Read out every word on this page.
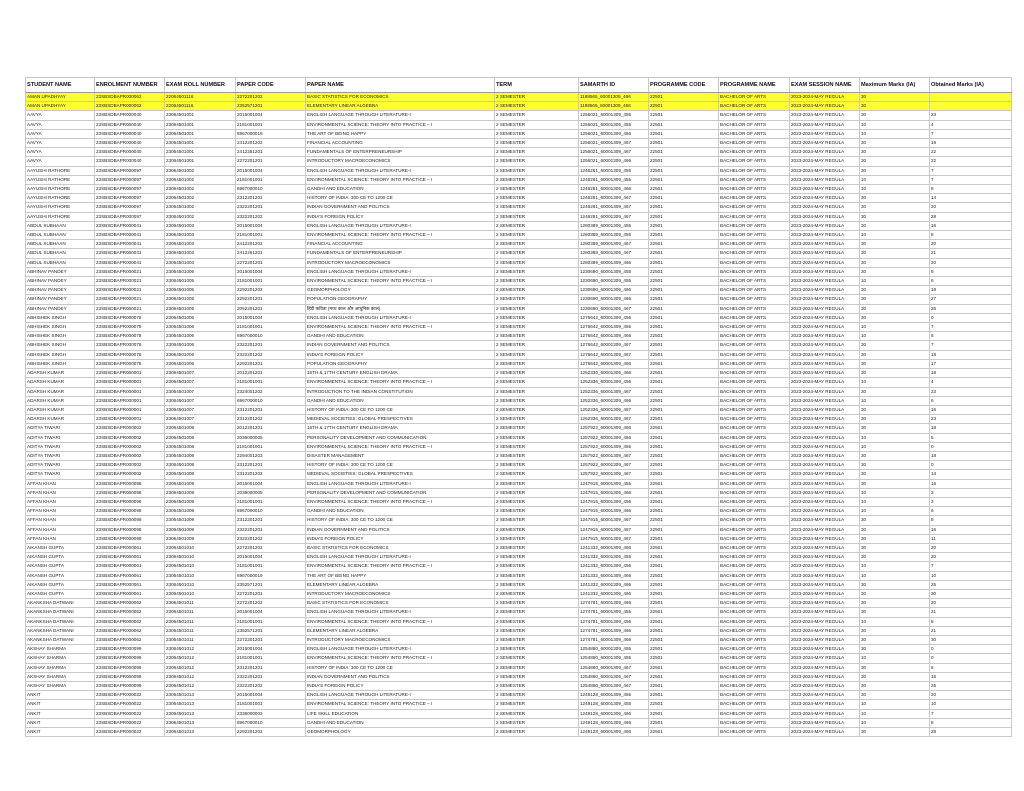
STUDENT NAME	ENROLMENT NUMBER	EXAM ROLL NUMBER	PAPER CODE	PAPER NAME	TERM	SAMARTH ID	PROGRAMME CODE	PROGRAMME NAME	EXAM SESSION NAME	Maximum Marks (IA)	Obtained Marks (IA)
AMAN UPADHYAY	23SBSDBAPR000062	22064501116	2272201202	BASIC STATISTICS FOR ECONOMICS	2 SEMESTER	1188565_60001309_466	22501	BACHELOR OF ARTS	2023-2024-MAY REGULA	30	
AMAN UPADHYAY	23SBSDBAPR000062	22064501116	2352571201	ELEMENTARY LINEAR ALGEBRA	2 SEMESTER	1188565_60001309_466	22501	BACHELOR OF ARTS	2023-2024-MAY REGULA	30	
AAVYA	23SBSDBAPR000040	23064501001	2015001004	ENGLISH LANGUAGE THROUGH LITERATURE-I	2 SEMESTER	1256021_60001309_455	22501	BACHELOR OF ARTS	2023-2024-MAY REGULA	30	23
AAVYA	23SBSDBAPR000040	23064501001	2181001001	ENVIRONMENTAL SCIENCE: THEORY INTO PRACTICE – I	2 SEMESTER	1256021_60001309_455	22501	BACHELOR OF ARTS	2023-2024-MAY REGULA	10	4
AAVYA	23SBSDBAPR000040	23064501001	6967000019	THE ART OF BEING HAPPY	2 SEMESTER	1256021_60001309_466	22501	BACHELOR OF ARTS	2023-2024-MAY REGULA	10	7
AAVYA	23SBSDBAPR000040	23064501001	2412201202	FINANCIAL ACCOUNTING	2 SEMESTER	1256021_60001309_467	22501	BACHELOR OF ARTS	2023-2024-MAY REGULA	30	19
AAVYA	23SBSDBAPR000040	23064501001	2412251201	FUNDAMENTALS OF ENTERPRENEURSHIP	2 SEMESTER	1256021_60001309_467	22501	BACHELOR OF ARTS	2023-2024-MAY REGULA	30	22
AAVYA	23SBSDBAPR000040	23064501001	2272201201	INTRODUCTORY MACROECONOMICS	2 SEMESTER	1256021_60001309_466	22501	BACHELOR OF ARTS	2023-2024-MAY REGULA	30	22
AAYUSHI RATHORE	23SBSDBAPR000097	23064501002	2015001004	ENGLISH LANGUAGE THROUGH LITERATURE-I	2 SEMESTER	1246261_60001309_455	22501	BACHELOR OF ARTS	2023-2024-MAY REGULA	30	7
AAYUSHI RATHORE	23SBSDBAPR000097	23064501002	2181001001	ENVIRONMENTAL SCIENCE: THEORY INTO PRACTICE – I	2 SEMESTER	1246261_60001309_455	22501	BACHELOR OF ARTS	2023-2024-MAY REGULA	10	7
AAYUSHI RATHORE	23SBSDBAPR000097	23064501002	6967000010	GANDHI AND EDUCATION	2 SEMESTER	1246261_60001309_466	22501	BACHELOR OF ARTS	2023-2024-MAY REGULA	10	8
AAYUSHI RATHORE	23SBSDBAPR000097	23064501002	2312201201	HISTORY OF INDIA: 300 CE TO 1200 CE	2 SEMESTER	1246261_60001309_467	22501	BACHELOR OF ARTS	2023-2024-MAY REGULA	30	14
AAYUSHI RATHORE	23SBSDBAPR000097	23064501002	2322201201	INDIAN GOVERNMENT AND POLITICS	2 SEMESTER	1246261_60001309_467	22501	BACHELOR OF ARTS	2023-2024-MAY REGULA	30	20
AAYUSHI RATHORE	23SBSDBAPR000097	23064501002	2322201202	INDIA'S FOREIGN POLICY	2 SEMESTER	1246261_60001309_467	22501	BACHELOR OF ARTS	2023-2024-MAY REGULA	30	28
ABDUL SUBHAAN	23SBSDBAPR000041	23064501003	2015001004	ENGLISH LANGUAGE THROUGH LITERATURE-I	2 SEMESTER	1280389_60001309_455	22501	BACHELOR OF ARTS	2023-2024-MAY REGULA	30	16
ABDUL SUBHAAN	23SBSDBAPR000041	23064501003	2181001001	ENVIRONMENTAL SCIENCE: THEORY INTO PRACTICE – I	2 SEMESTER	1280389_60001309_455	22501	BACHELOR OF ARTS	2023-2024-MAY REGULA	10	8
ABDUL SUBHAAN	23SBSDBAPR000041	23064501003	2412201202	FINANCIAL ACCOUNTING	2 SEMESTER	1280389_60001309_467	22501	BACHELOR OF ARTS	2023-2024-MAY REGULA	30	20
ABDUL SUBHAAN	23SBSDBAPR000041	23064501003	2412251201	FUNDAMENTALS OF ENTERPRENEURSHIP	2 SEMESTER	1280389_60001309_467	22501	BACHELOR OF ARTS	2023-2024-MAY REGULA	30	21
ABDUL SUBHAAN	23SBSDBAPR000041	23064501003	2272201201	INTRODUCTORY MACROECONOMICS	2 SEMESTER	1280389_60001309_466	22501	BACHELOR OF ARTS	2023-2024-MAY REGULA	30	20
ABHINAV PANDEY	23SBSDBAPR000021	23064501005	2015001004	ENGLISH LANGUAGE THROUGH LITERATURE-I	2 SEMESTER	1230690_60001309_455	22501	BACHELOR OF ARTS	2023-2024-MAY REGULA	30	8
ABHINAV PANDEY	23SBSDBAPR000021	23064501005	2181001001	ENVIRONMENTAL SCIENCE: THEORY INTO PRACTICE – I	2 SEMESTER	1230690_60001309_455	22501	BACHELOR OF ARTS	2023-2024-MAY REGULA	10	6
ABHINAV PANDEY	23SBSDBAPR000021	23064501005	2292201202	GEOMORPHOLOGY	2 SEMESTER	1230690_60001309_466	22501	BACHELOR OF ARTS	2023-2024-MAY REGULA	30	18
ABHINAV PANDEY	23SBSDBAPR000021	23064501005	2292201201	POPULATION GEOGRAPHY	2 SEMESTER	1230690_60001309_466	22501	BACHELOR OF ARTS	2023-2024-MAY REGULA	30	27
ABHINAV PANDEY	23SBSDBAPR000021	23064501005	2052201201	हिंदी कविता (मध्य काल और आधुनिक काल)	2 SEMESTER	1230690_60001309_467	22501	BACHELOR OF ARTS	2023-2024-MAY REGULA	30	26
ABHISHEK SINGH	23SBSDBAPR000078	23064501006	2015001004	ENGLISH LANGUAGE THROUGH LITERATURE-I	2 SEMESTER	1276642_60001309_455	22501	BACHELOR OF ARTS	2023-2024-MAY REGULA	30	0
ABHISHEK SINGH	23SBSDBAPR000078	23064501006	2181001001	ENVIRONMENTAL SCIENCE: THEORY INTO PRACTICE – I	2 SEMESTER	1276642_60001309_455	22501	BACHELOR OF ARTS	2023-2024-MAY REGULA	10	7
ABHISHEK SINGH	23SBSDBAPR000078	23064501006	6967000010	GANDHI AND EDUCATION	2 SEMESTER	1276642_60001309_466	22501	BACHELOR OF ARTS	2023-2024-MAY REGULA	10	6
ABHISHEK SINGH	23SBSDBAPR000078	23064501006	2322201201	INDIAN GOVERNMENT AND POLITICS	2 SEMESTER	1276642_60001309_467	22501	BACHELOR OF ARTS	2023-2024-MAY REGULA	30	7
ABHISHEK SINGH	23SBSDBAPR000078	23064501006	2322201202	INDIA'S FOREIGN POLICY	2 SEMESTER	1276642_60001309_467	22501	BACHELOR OF ARTS	2023-2024-MAY REGULA	30	18
ABHISHEK SINGH	23SBSDBAPR000078	23064501006	2292201201	POPULATION GEOGRAPHY	2 SEMESTER	1276642_60001309_466	22501	BACHELOR OF ARTS	2023-2024-MAY REGULA	30	17
ADARSH KUMAR	23SBSDBAPR000001	23064501007	2012201201	16TH & 17TH CENTURY ENGLISH DRAMA	2 SEMESTER	1252336_60001309_466	22501	BACHELOR OF ARTS	2023-2024-MAY REGULA	30	18
ADARSH KUMAR	23SBSDBAPR000001	23064501007	2181001001	ENVIRONMENTAL SCIENCE: THEORY INTO PRACTICE – I	2 SEMESTER	1252336_60001309_455	22501	BACHELOR OF ARTS	2023-2024-MAY REGULA	10	4
ADARSH KUMAR	23SBSDBAPR000001	23064501007	2324001202	INTRODUCTION TO THE INDIAN CONSTITUTION	2 SEMESTER	1252336_60001309_467	22501	BACHELOR OF ARTS	2023-2024-MAY REGULA	30	23
ADARSH KUMAR	23SBSDBAPR000001	23064501007	6967000010	GANDHI AND EDUCATION	2 SEMESTER	1252336_60001309_466	22501	BACHELOR OF ARTS	2023-2024-MAY REGULA	10	6
ADARSH KUMAR	23SBSDBAPR000001	23064501007	2312201201	HISTORY OF INDIA: 300 CE TO 1200 CE	2 SEMESTER	1252336_60001309_467	22501	BACHELOR OF ARTS	2023-2024-MAY REGULA	30	16
ADARSH KUMAR	23SBSDBAPR000001	23064501007	2312201202	MEDIEVAL SOCIETIES: GLOBAL PRESPECTIVES	2 SEMESTER	1252336_60001309_467	22501	BACHELOR OF ARTS	2023-2024-MAY REGULA	30	23
ADITYA TIWARI	23SBSDBAPR000002	23064501008	2012201201	16TH & 17TH CENTURY ENGLISH DRAMA	2 SEMESTER	1257922_60001309_466	22501	BACHELOR OF ARTS	2023-2024-MAY REGULA	30	18
ADITYA TIWARI	23SBSDBAPR000002	23064501008	2036000005	PERSONALITY DEVELOPMENT AND COMMUNICATION	2 SEMESTER	1257922_60001309_466	22501	BACHELOR OF ARTS	2023-2024-MAY REGULA	10	5
ADITYA TIWARI	23SBSDBAPR000002	23064501008	2181001001	ENVIRONMENTAL SCIENCE: THEORY INTO PRACTICE – I	2 SEMESTER	1257922_60001309_455	22501	BACHELOR OF ARTS	2023-2024-MAY REGULA	10	0
ADITYA TIWARI	23SBSDBAPR000002	23064501008	2294001203	DISASTER MANAGEMENT	2 SEMESTER	1257922_60001309_467	22501	BACHELOR OF ARTS	2023-2024-MAY REGULA	30	18
ADITYA TIWARI	23SBSDBAPR000002	23064501008	2312201201	HISTORY OF INDIA: 300 CE TO 1200 CE	2 SEMESTER	1257922_60001309_467	22501	BACHELOR OF ARTS	2023-2024-MAY REGULA	30	0
ADITYA TIWARI	23SBSDBAPR000002	23064501008	2312201202	MEDIEVAL SOCIETIES: GLOBAL PRESPECTIVES	2 SEMESTER	1257922_60001309_467	22501	BACHELOR OF ARTS	2023-2024-MAY REGULA	30	14
AFFAN KHAN	23SBSDBAPR000098	23064501009	2015001004	ENGLISH LANGUAGE THROUGH LITERATURE-I	2 SEMESTER	1247915_60001309_455	22501	BACHELOR OF ARTS	2023-2024-MAY REGULA	30	16
AFFAN KHAN	23SBSDBAPR000098	23064501009	2036000005	PERSONALITY DEVELOPMENT AND COMMUNICATION	2 SEMESTER	1247915_60001309_466	22501	BACHELOR OF ARTS	2023-2024-MAY REGULA	10	3
AFFAN KHAN	23SBSDBAPR000098	23064501009	2181001001	ENVIRONMENTAL SCIENCE: THEORY INTO PRACTICE – I	2 SEMESTER	1247915_60001309_455	22501	BACHELOR OF ARTS	2023-2024-MAY REGULA	10	3
AFFAN KHAN	23SBSDBAPR000098	23064501009	6967000010	GANDHI AND EDUCATION	2 SEMESTER	1247915_60001309_466	22501	BACHELOR OF ARTS	2023-2024-MAY REGULA	10	6
AFFAN KHAN	23SBSDBAPR000098	23064501009	2312201201	HISTORY OF INDIA: 300 CE TO 1200 CE	2 SEMESTER	1247915_60001309_467	22501	BACHELOR OF ARTS	2023-2024-MAY REGULA	30	8
AFFAN KHAN	23SBSDBAPR000098	23064501009	2322201201	INDIAN GOVERNMENT AND POLITICS	2 SEMESTER	1247915_60001309_467	22501	BACHELOR OF ARTS	2023-2024-MAY REGULA	30	16
AFFAN KHAN	23SBSDBAPR000098	23064501009	2322201202	INDIA'S FOREIGN POLICY	2 SEMESTER	1247915_60001309_467	22501	BACHELOR OF ARTS	2023-2024-MAY REGULA	30	11
AIKANSH GUPTA	23SBSDBAPR000061	23064501010	2272201202	BASIC STATISTICS FOR ECONOMICS	2 SEMESTER	1241332_60001309_466	22501	BACHELOR OF ARTS	2023-2024-MAY REGULA	30	20
AIKANSH GUPTA	23SBSDBAPR000061	23064501010	2015001004	ENGLISH LANGUAGE THROUGH LITERATURE-I	2 SEMESTER	1241332_60001309_455	22501	BACHELOR OF ARTS	2023-2024-MAY REGULA	30	20
AIKANSH GUPTA	23SBSDBAPR000061	23064501010	2181001001	ENVIRONMENTAL SCIENCE: THEORY INTO PRACTICE – I	2 SEMESTER	1241332_60001309_455	22501	BACHELOR OF ARTS	2023-2024-MAY REGULA	10	7
AIKANSH GUPTA	23SBSDBAPR000061	23064501010	6967000019	THE ART OF BEING HAPPY	2 SEMESTER	1241332_60001309_466	22501	BACHELOR OF ARTS	2023-2024-MAY REGULA	10	10
AIKANSH GUPTA	23SBSDBAPR000061	23064501010	2352571201	ELEMENTARY LINEAR ALGEBRA	2 SEMESTER	1241332_60001309_466	22501	BACHELOR OF ARTS	2023-2024-MAY REGULA	30	25
AIKANSH GUPTA	23SBSDBAPR000061	23064501010	2272201201	INTRODUCTORY MACROECONOMICS	2 SEMESTER	1241332_60001309_466	22501	BACHELOR OF ARTS	2023-2024-MAY REGULA	30	30
AKANKSHA DATWANI	23SBSDBAPR000062	23064501011	2272201202	BASIC STATISTICS FOR ECONOMICS	2 SEMESTER	1274781_60001309_466	22501	BACHELOR OF ARTS	2023-2024-MAY REGULA	30	20
AKANKSHA DATWANI	23SBSDBAPR000062	23064501011	2015001004	ENGLISH LANGUAGE THROUGH LITERATURE-I	2 SEMESTER	1274781_60001309_455	22501	BACHELOR OF ARTS	2023-2024-MAY REGULA	30	21
AKANKSHA DATWANI	23SBSDBAPR000062	23064501011	2181001001	ENVIRONMENTAL SCIENCE: THEORY INTO PRACTICE – I	2 SEMESTER	1274781_60001309_455	22501	BACHELOR OF ARTS	2023-2024-MAY REGULA	10	8
AKANKSHA DATWANI	23SBSDBAPR000062	23064501011	2352571201	ELEMENTARY LINEAR ALGEBRA	2 SEMESTER	1274781_60001309_466	22501	BACHELOR OF ARTS	2023-2024-MAY REGULA	30	21
AKANKSHA DATWANI	23SBSDBAPR000062	23064501011	2272201201	INTRODUCTORY MACROECONOMICS	2 SEMESTER	1274781_60001309_466	22501	BACHELOR OF ARTS	2023-2024-MAY REGULA	30	30
AKSHAY SHARMA	23SBSDBAPR000099	23064501012	2015001004	ENGLISH LANGUAGE THROUGH LITERATURE-I	2 SEMESTER	1254860_60001309_455	22501	BACHELOR OF ARTS	2023-2024-MAY REGULA	30	0
AKSHAY SHARMA	23SBSDBAPR000099	23064501012	2181001001	ENVIRONMENTAL SCIENCE: THEORY INTO PRACTICE – I	2 SEMESTER	1254860_60001309_455	22501	BACHELOR OF ARTS	2023-2024-MAY REGULA	10	0
AKSHAY SHARMA	23SBSDBAPR000099	23064501012	2312201201	HISTORY OF INDIA: 300 CE TO 1200 CE	2 SEMESTER	1254860_60001309_467	22501	BACHELOR OF ARTS	2023-2024-MAY REGULA	30	6
AKSHAY SHARMA	23SBSDBAPR000099	23064501012	2322201201	INDIAN GOVERNMENT AND POLITICS	2 SEMESTER	1254860_60001309_467	22501	BACHELOR OF ARTS	2023-2024-MAY REGULA	30	15
AKSHAY SHARMA	23SBSDBAPR000099	23064501012	2322201202	INDIA'S FOREIGN POLICY	2 SEMESTER	1254860_60001309_467	22501	BACHELOR OF ARTS	2023-2024-MAY REGULA	30	26
ANKIT	23SBSDBAPR000022	23064501013	2015001004	ENGLISH LANGUAGE THROUGH LITERATURE-I	2 SEMESTER	1249128_60001309_455	22501	BACHELOR OF ARTS	2023-2024-MAY REGULA	30	20
ANKIT	23SBSDBAPR000022	23064501013	2181001001	ENVIRONMENTAL SCIENCE: THEORY INTO PRACTICE – I	2 SEMESTER	1249128_60001309_455	22501	BACHELOR OF ARTS	2023-2024-MAY REGULA	10	10
ANKIT	23SBSDBAPR000022	23064501013	2336000002	LIFE SKILL EDUCATION	2 SEMESTER	1249128_60001309_466	22501	BACHELOR OF ARTS	2023-2024-MAY REGULA	10	7
ANKIT	23SBSDBAPR000022	23064501013	6967000010	GANDHI AND EDUCATION	2 SEMESTER	1249128_60001309_466	22501	BACHELOR OF ARTS	2023-2024-MAY REGULA	10	8
ANKIT	23SBSDBAPR000022	23064501013	2292201202	GEOMORPHOLOGY	2 SEMESTER	1249128_60001309_466	22501	BACHELOR OF ARTS	2023-2024-MAY REGULA	30	28
